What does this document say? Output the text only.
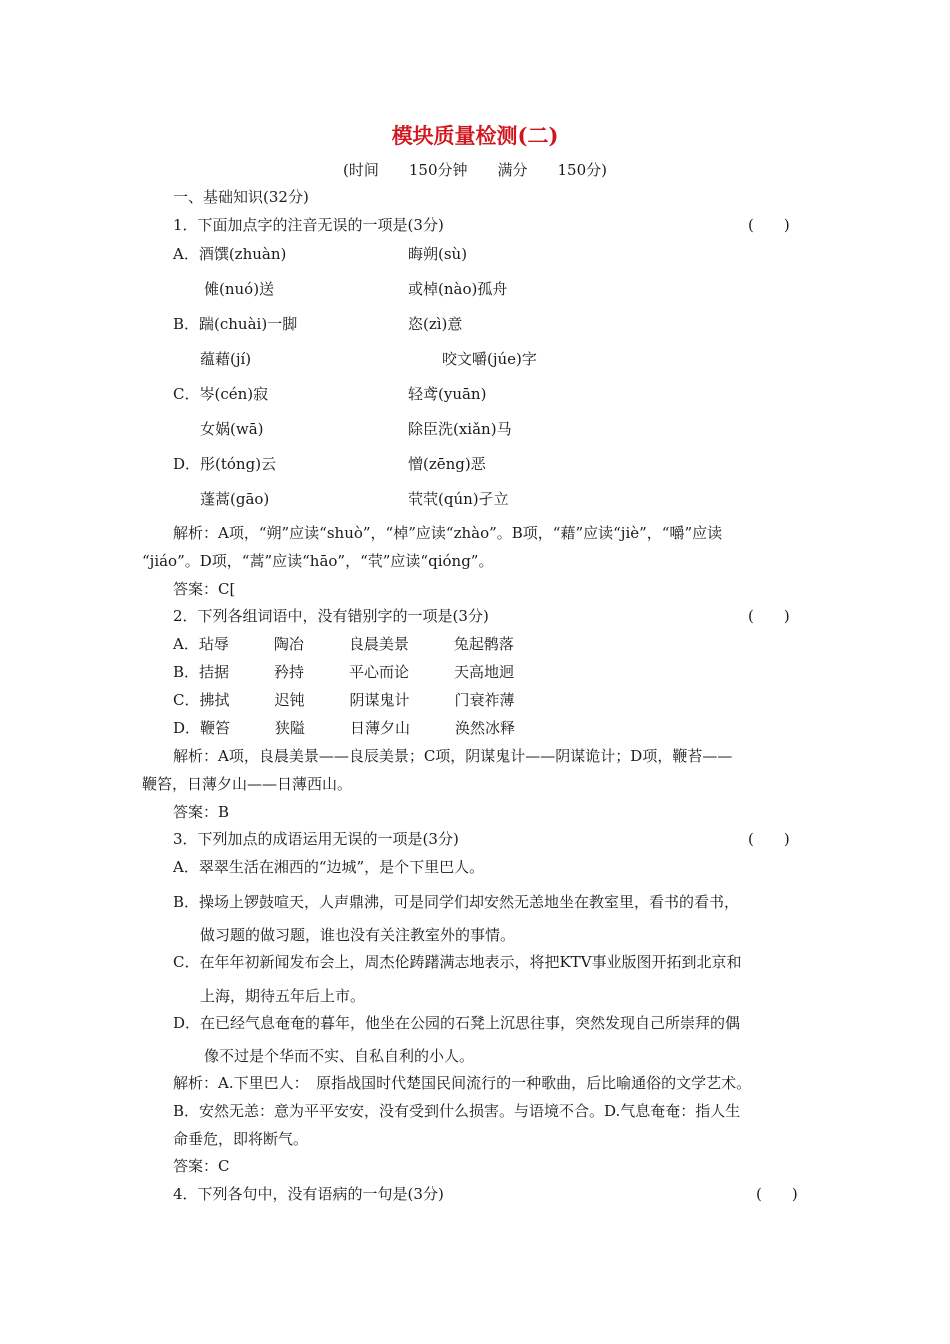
模块质量检测(二)
(时间　　150分钟　　满分　　150分)
一、基础知识(32分)
1．下面加点字的注音无误的一项是(3分)	(　　)
A．酒馔(zhuàn)	晦朔(sù)
傩(nuó)送	或棹(nào)孤舟
B．踹(chuài)一脚	恣(zì)意
蕴藉(jí)	咬文嚼(júe)字
C．岑(cén)寂	轻鸢(yuān)
女娲(wā)	除臣洗(xiǎn)马
D．彤(tóng)云	憎(zēng)恶
蓬蒿(gāo)	茕茕(qún)孑立
解析：A项，“朔”应读“shuò”，“棹”应读“zhào”。B项，“藉”应读“jiè”，“嚼”应读
“jiáo”。D项，“蒿”应读“hāo”，“茕”应读“qióng”。
答案：C[
2．下列各组词语中，没有错别字的一项是(3分)	(　　)
A．玷辱　　　陶冶　　　良晨美景　　　兔起鹘落
B．拮据　　　矜持　　　平心而论　　　天高地迥
C．拂拭　　　迟钝　　　阴谋鬼计　　　门衰祚薄
D．鞭笞　　　狭隘　　　日薄夕山　　　涣然冰释
解析：A项，良晨美景——良辰美景；C项，阴谋鬼计——阴谋诡计；D项，鞭苔——
鞭笞，日薄夕山——日薄西山。
答案：B
3．下列加点的成语运用无误的一项是(3分)	(　　)
A．翠翠生活在湘西的“边城”，是个下里巴人。
B．操场上锣鼓喧天，人声鼎沸，可是同学们却安然无恙地坐在教室里，看书的看书，
做习题的做习题，谁也没有关注教室外的事情。
C．在年年初新闻发布会上，周杰伦踌躇满志地表示，将把KTV事业版图开拓到北京和
上海，期待五年后上市。
D．在已经气息奄奄的暮年，他坐在公园的石凳上沉思往事，突然发现自己所崇拜的偶
像不过是个华而不实、自私自利的小人。
解析：A.下里巴人：　原指战国时代楚国民间流行的一种歌曲，后比喻通俗的文学艺术。
B．安然无恙：意为平平安安，没有受到什么损害。与语境不合。D.气息奄奄：指人生
命垂危，即将断气。
答案：C
4．下列各句中，没有语病的一句是(3分)	(　　)
